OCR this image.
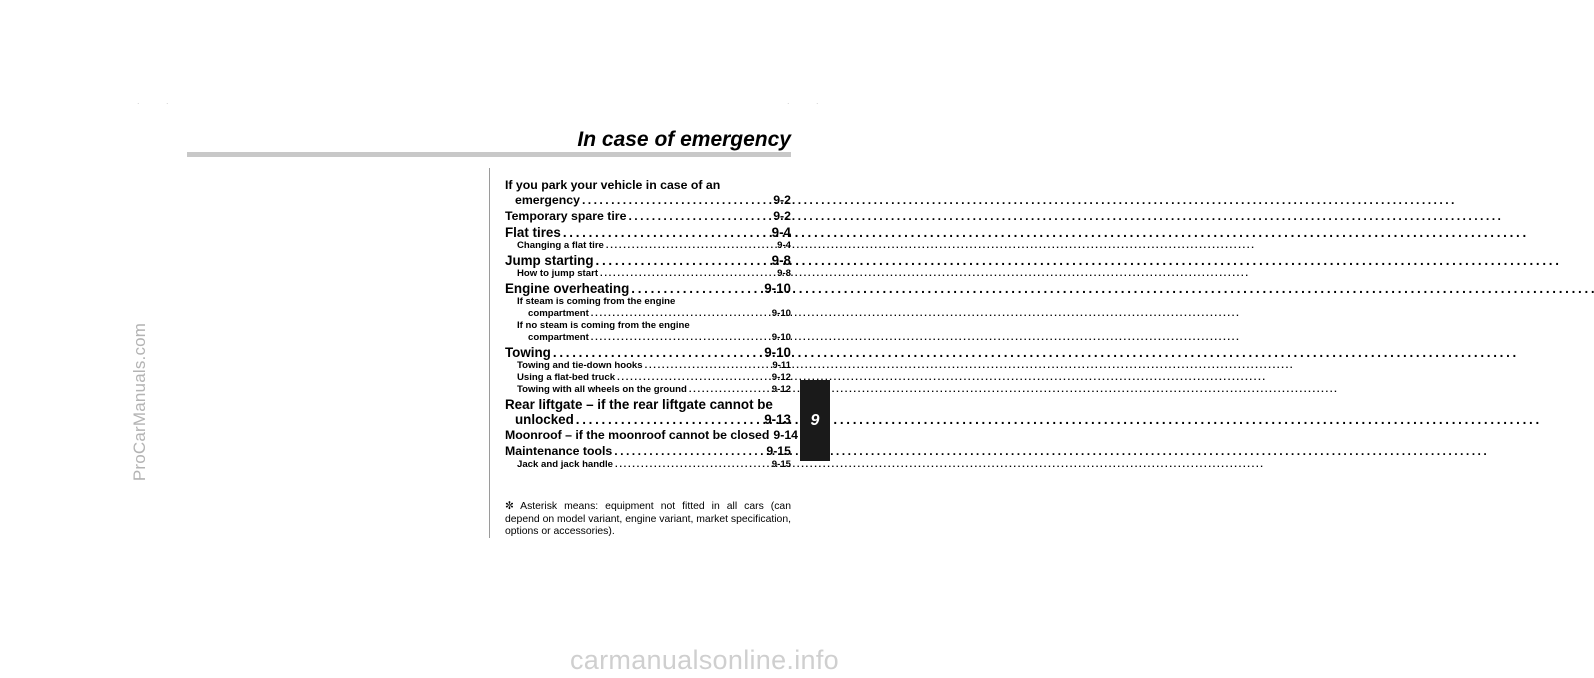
ProCarManuals.com
. .	. .
In case of emergency
If you park your vehicle in case of an
emergency . . .	9-2
Temporary spare tire . . .	9-2
Flat tires . . .	9-4
Changing a flat tire . . .	9-4
Jump starting . . .	9-8
How to jump start . . .	9-8
Engine overheating . . .	9-10
If steam is coming from the engine
compartment . . .	9-10
If no steam is coming from the engine
compartment . . .	9-10
Towing . . .	9-10
Towing and tie-down hooks . . .	9-11
Using a flat-bed truck . . .	9-12
Towing with all wheels on the ground . . .	9-12
Rear liftgate – if the rear liftgate cannot be
unlocked . . .	9-13
Moonroof – if the moonroof cannot be closed 9-14
Maintenance tools . . .	9-15
Jack and jack handle . . .	9-15
✼ Asterisk means: equipment not fitted in all cars (can depend on model variant, engine variant, market specification, options or accessories).
9
carmanualsonline.info
